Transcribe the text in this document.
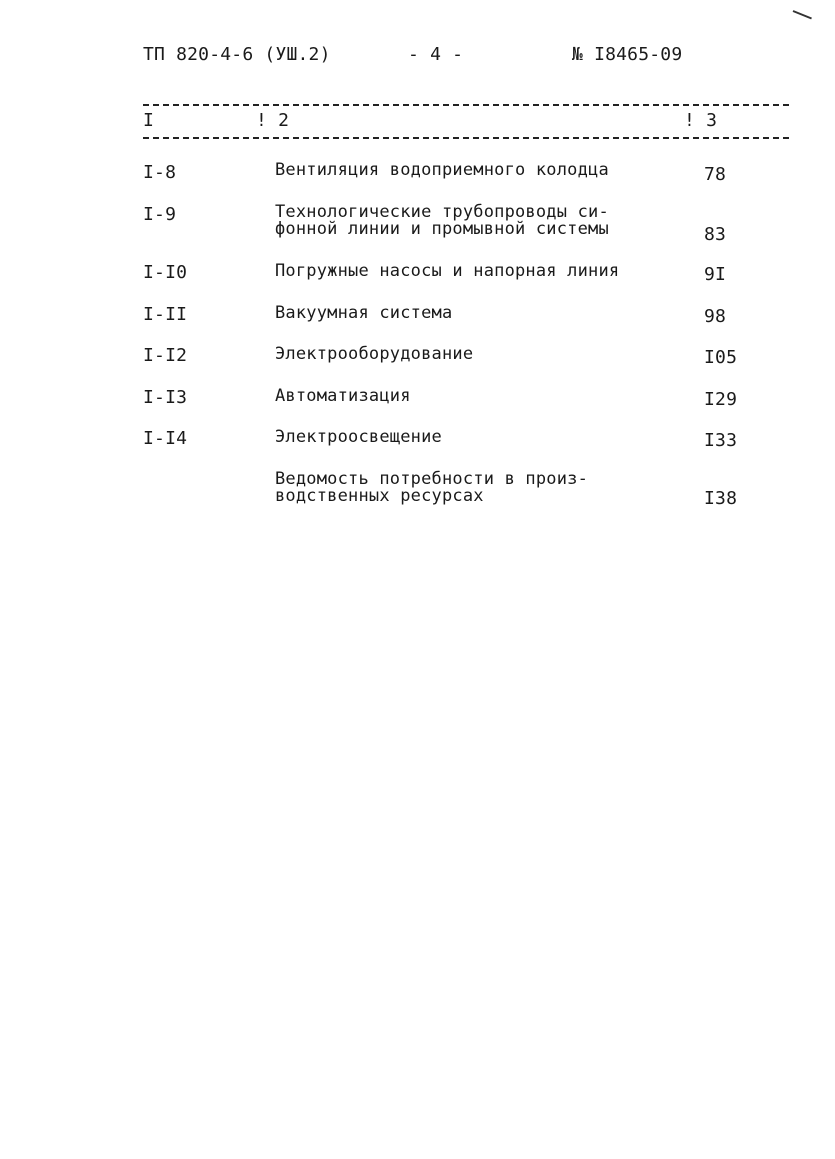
ТП 820-4-6 (УШ.2)	- 4 -	№ I8465-09
I	! 2	! 3
I-8	Вентиляция водоприемного колодца	78
I-9	Технологические трубопроводы си-
фонной линии и промывной системы	83
I-I0	Погружные насосы и напорная линия	9I
I-II	Вакуумная система	98
I-I2	Электрооборудование	I05
I-I3	Автоматизация	I29
I-I4	Электроосвещение	I33
Ведомость потребности в произ-
водственных ресурсах	I38
